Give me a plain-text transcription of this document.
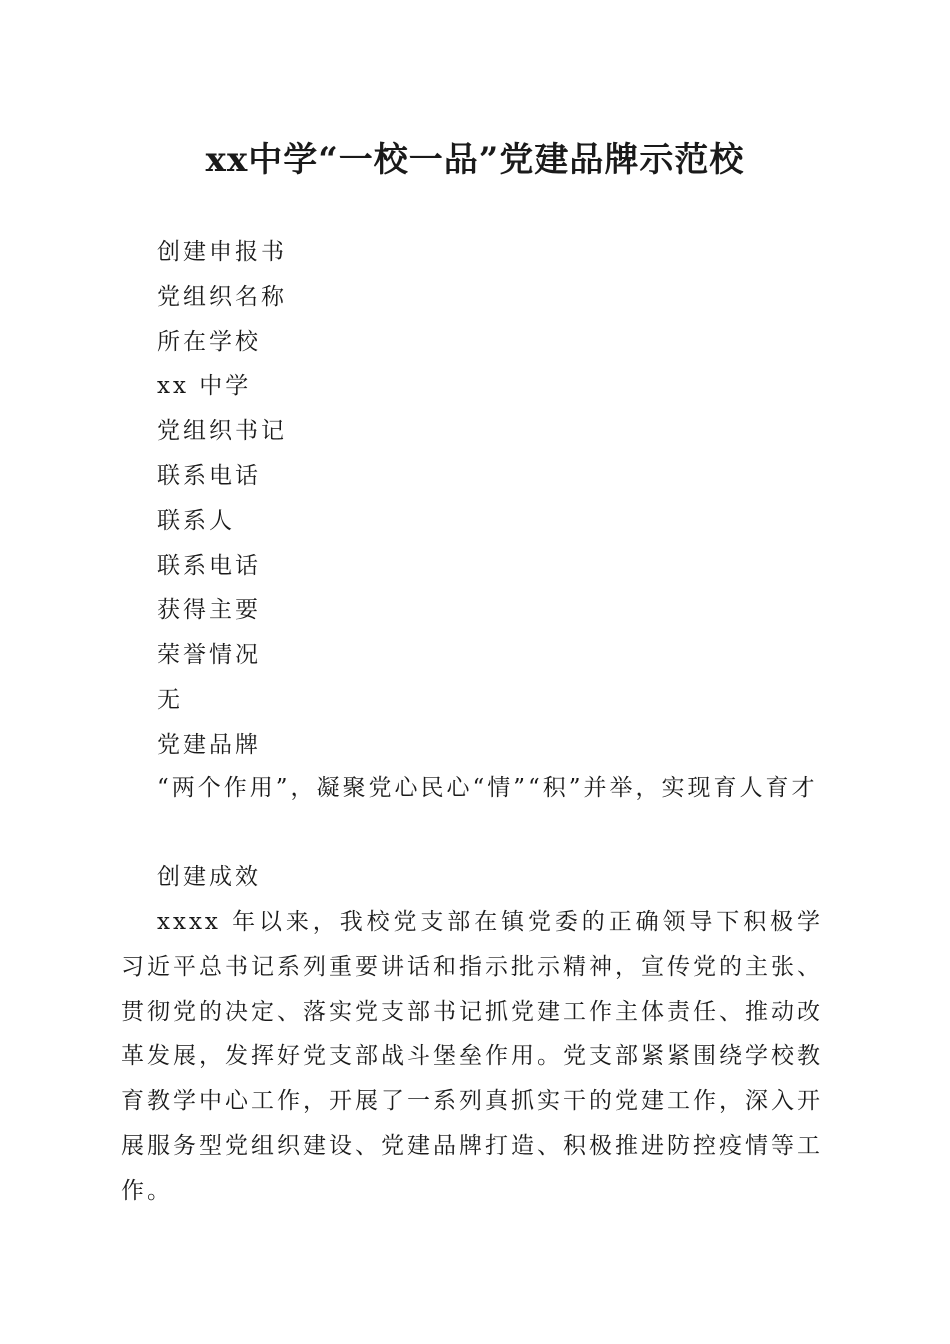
xx中学“一校一品”党建品牌示范校
创建申报书
党组织名称
所在学校
xx 中学
党组织书记
联系电话
联系人
联系电话
获得主要
荣誉情况
无
党建品牌

“两个作用”，凝聚党心民心“情”“积”并举，实现育人育才

创建成效

xxxx 年以来，我校党支部在镇党委的正确领导下积极学习近平总书记系列重要讲话和指示批示精神，宣传党的主张、贯彻党的决定、落实党支部书记抓党建工作主体责任、推动改革发展，发挥好党支部战斗堡垒作用。党支部紧紧围绕学校教育教学中心工作，开展了一系列真抓实干的党建工作，深入开展服务型党组织建设、党建品牌打造、积极推进防控疫情等工作。
